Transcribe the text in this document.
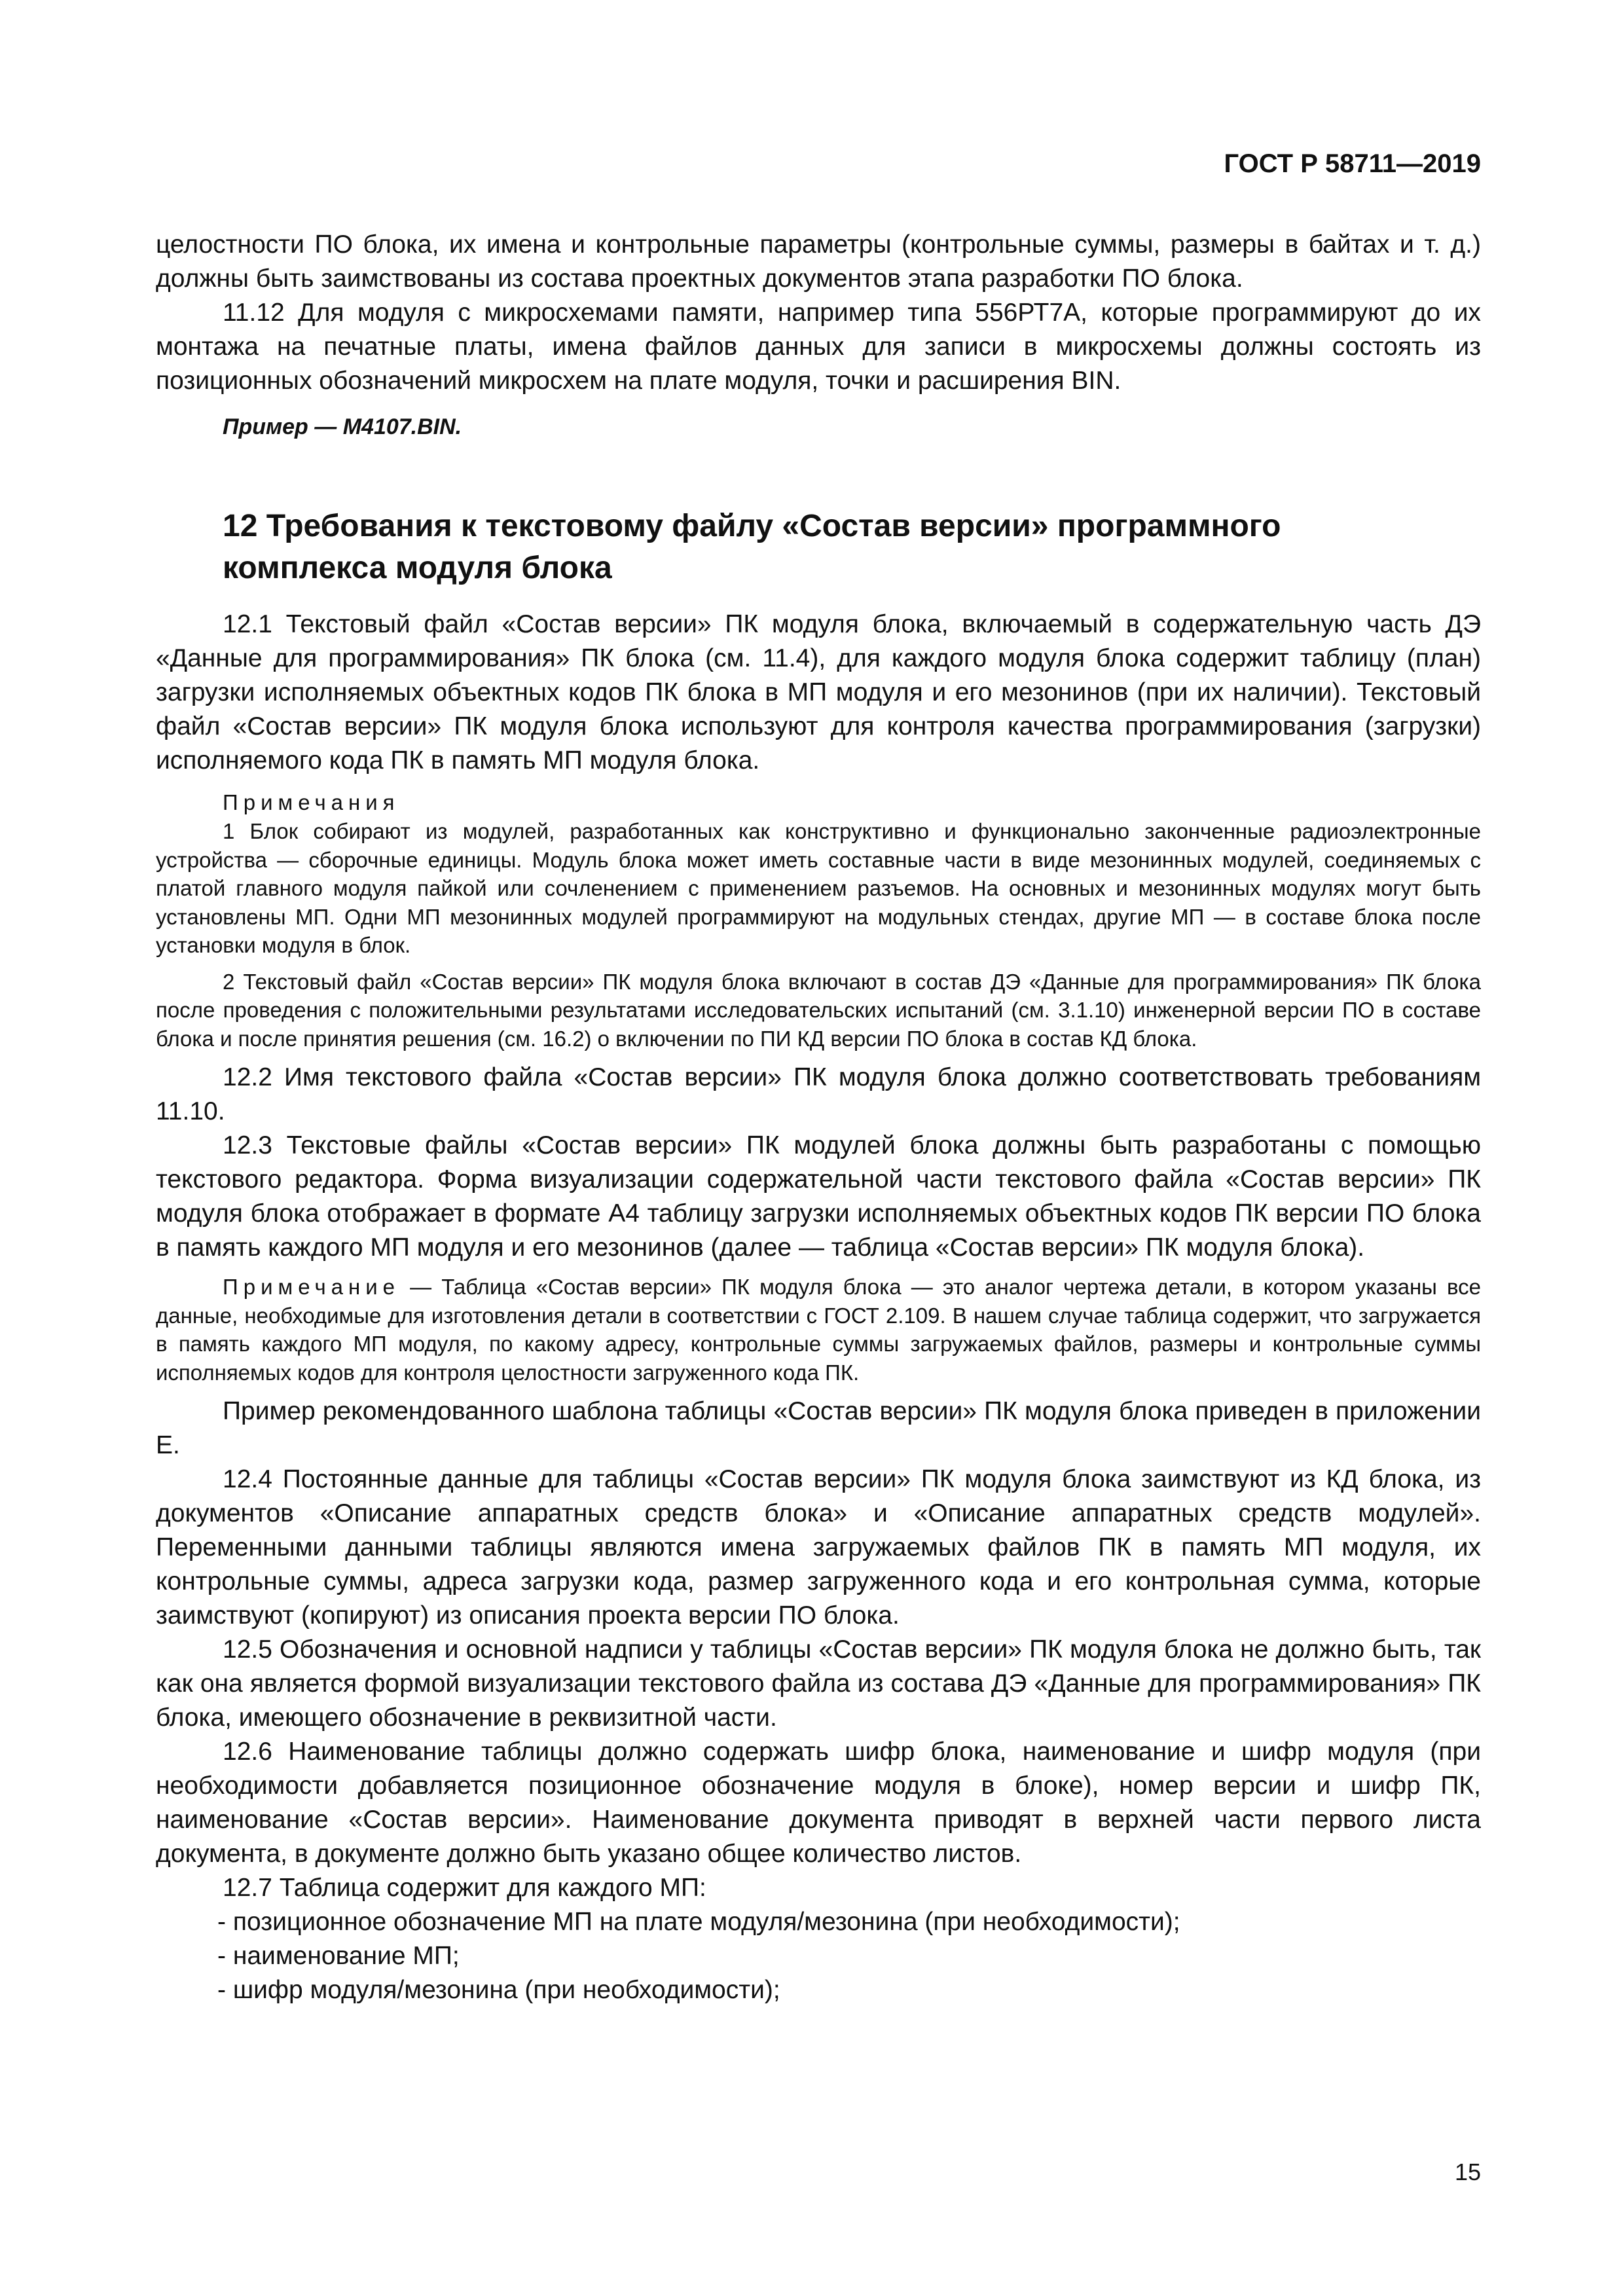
ГОСТ Р 58711—2019

целостности ПО блока, их имена и контрольные параметры (контрольные суммы, размеры в байтах и т. д.) должны быть заимствованы из состава проектных документов этапа разработки ПО блока.

11.12 Для модуля с микросхемами памяти, например типа 556РТ7А, которые программируют до их монтажа на печатные платы, имена файлов данных для записи в микросхемы должны состоять из позиционных обозначений микросхем на плате модуля, точки и расширения BIN.

Пример — M4107.BIN.

12 Требования к текстовому файлу «Состав версии» программного
комплекса модуля блока

12.1 Текстовый файл «Состав версии» ПК модуля блока, включаемый в содержательную часть ДЭ «Данные для программирования» ПК блока (см. 11.4), для каждого модуля блока содержит таблицу (план) загрузки исполняемых объектных кодов ПК блока в МП модуля и его мезонинов (при их наличии). Текстовый файл «Состав версии» ПК модуля блока используют для контроля качества программирования (загрузки) исполняемого кода ПК в память МП модуля блока.

Примечания

1 Блок собирают из модулей, разработанных как конструктивно и функционально законченные радиоэлектронные устройства — сборочные единицы. Модуль блока может иметь составные части в виде мезонинных модулей, соединяемых с платой главного модуля пайкой или сочленением с применением разъемов. На основных и мезонинных модулях могут быть установлены МП. Одни МП мезонинных модулей программируют на модульных стендах, другие МП — в составе блока после установки модуля в блок.

2 Текстовый файл «Состав версии» ПК модуля блока включают в состав ДЭ «Данные для программирования» ПК блока после проведения с положительными результатами исследовательских испытаний (см. 3.1.10) инженерной версии ПО в составе блока и после принятия решения (см. 16.2) о включении по ПИ КД версии ПО блока в состав КД блока.

12.2 Имя текстового файла «Состав версии» ПК модуля блока должно соответствовать требованиям 11.10.

12.3 Текстовые файлы «Состав версии» ПК модулей блока должны быть разработаны с помощью текстового редактора. Форма визуализации содержательной части текстового файла «Состав версии» ПК модуля блока отображает в формате А4 таблицу загрузки исполняемых объектных кодов ПК версии ПО блока в память каждого МП модуля и его мезонинов (далее — таблица «Состав версии» ПК модуля блока).

Примечание — Таблица «Состав версии» ПК модуля блока — это аналог чертежа детали, в котором указаны все данные, необходимые для изготовления детали в соответствии с ГОСТ 2.109. В нашем случае таблица содержит, что загружается в память каждого МП модуля, по какому адресу, контрольные суммы загружаемых файлов, размеры и контрольные суммы исполняемых кодов для контроля целостности загруженного кода ПК.

Пример рекомендованного шаблона таблицы «Состав версии» ПК модуля блока приведен в приложении Е.

12.4 Постоянные данные для таблицы «Состав версии» ПК модуля блока заимствуют из КД блока, из документов «Описание аппаратных средств блока» и «Описание аппаратных средств модулей». Переменными данными таблицы являются имена загружаемых файлов ПК в память МП модуля, их контрольные суммы, адреса загрузки кода, размер загруженного кода и его контрольная сумма, которые заимствуют (копируют) из описания проекта версии ПО блока.

12.5 Обозначения и основной надписи у таблицы «Состав версии» ПК модуля блока не должно быть, так как она является формой визуализации текстового файла из состава ДЭ «Данные для программирования» ПК блока, имеющего обозначение в реквизитной части.

12.6 Наименование таблицы должно содержать шифр блока, наименование и шифр модуля (при необходимости добавляется позиционное обозначение модуля в блоке), номер версии и шифр ПК, наименование «Состав версии». Наименование документа приводят в верхней части первого листа документа, в документе должно быть указано общее количество листов.

12.7 Таблица содержит для каждого МП:

- позиционное обозначение МП на плате модуля/мезонина (при необходимости);

- наименование МП;

- шифр модуля/мезонина (при необходимости);

15
